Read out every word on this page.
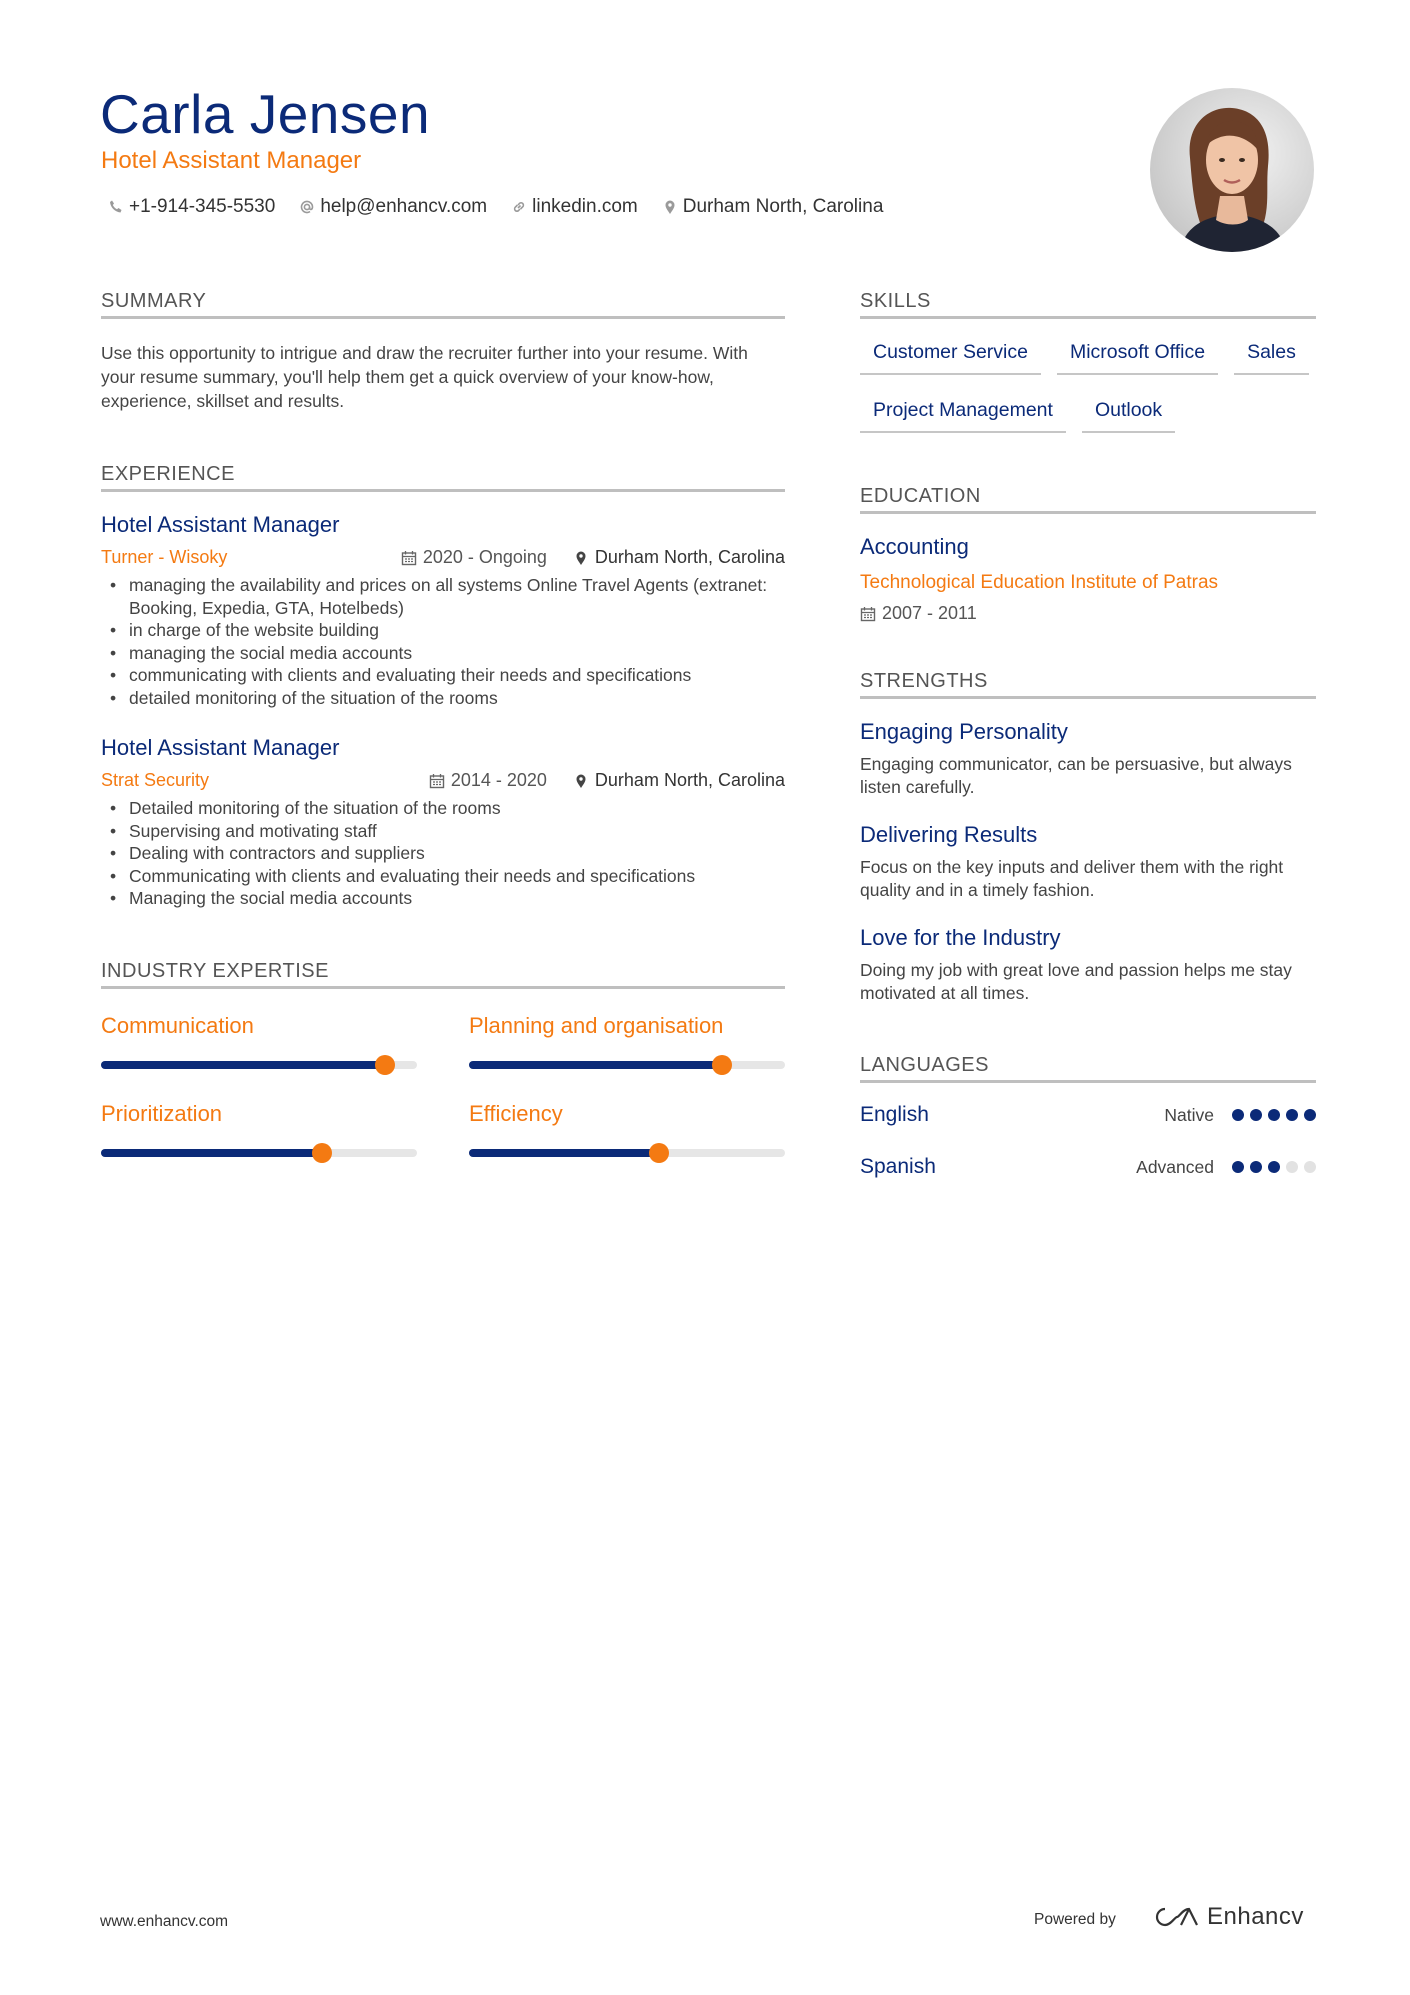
Carla Jensen
Hotel Assistant Manager
+1-914-345-5530 help@enhancv.com linkedin.com Durham North, Carolina
SUMMARY

Use this opportunity to intrigue and draw the recruiter further into your resume. With your resume summary, you'll help them get a quick overview of your know-how, experience, skillset and results.

EXPERIENCE
Hotel Assistant Manager
Turner - Wisoky	2020 - Ongoing	Durham North, Carolina
• managing the availability and prices on all systems Online Travel Agents (extranet: Booking, Expedia, GTA, Hotelbeds)
• in charge of the website building
• managing the social media accounts
• communicating with clients and evaluating their needs and specifications
• detailed monitoring of the situation of the rooms
Hotel Assistant Manager
Strat Security	2014 - 2020	Durham North, Carolina
• Detailed monitoring of the situation of the rooms
• Supervising and motivating staff
• Dealing with contractors and suppliers
• Communicating with clients and evaluating their needs and specifications
• Managing the social media accounts
INDUSTRY EXPERTISE
Communication	Planning and organisation
Prioritization	Efficiency
SKILLS
Customer Service	Microsoft Office	Sales
Project Management	Outlook
EDUCATION
Accounting
Technological Education Institute of Patras
2007 - 2011
STRENGTHS
Engaging Personality
Engaging communicator, can be persuasive, but always listen carefully.
Delivering Results
Focus on the key inputs and deliver them with the right quality and in a timely fashion.
Love for the Industry
Doing my job with great love and passion helps me stay motivated at all times.
LANGUAGES
English	Native
Spanish	Advanced
www.enhancv.com	Powered by	Enhancv
